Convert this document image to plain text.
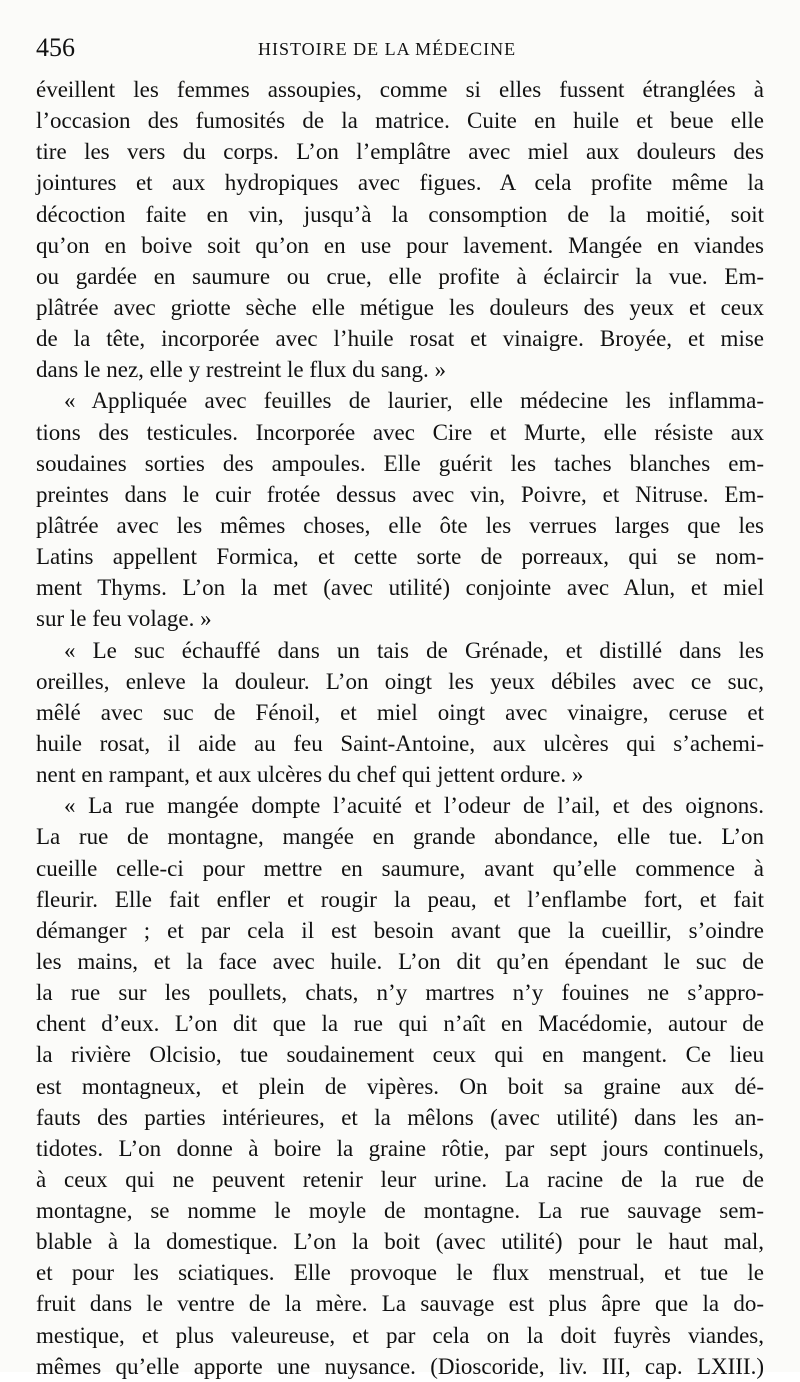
456	HISTOIRE DE LA MÉDECINE
éveillent les femmes assoupies, comme si elles fussent étranglées à
l’occasion des fumosités de la matrice. Cuite en huile et beue elle
tire les vers du corps. L’on l’emplâtre avec miel aux douleurs des
jointures et aux hydropiques avec figues. A cela profite même la
décoction faite en vin, jusqu’à la consomption de la moitié, soit
qu’on en boive soit qu’on en use pour lavement. Mangée en viandes
ou gardée en saumure ou crue, elle profite à éclaircir la vue. Em-
plâtrée avec griotte sèche elle métigue les douleurs des yeux et ceux
de la tête, incorporée avec l’huile rosat et vinaigre. Broyée, et mise
dans le nez, elle y restreint le flux du sang. »
« Appliquée avec feuilles de laurier, elle médecine les inflamma-
tions des testicules. Incorporée avec Cire et Murte, elle résiste aux
soudaines sorties des ampoules. Elle guérit les taches blanches em-
preintes dans le cuir frotée dessus avec vin, Poivre, et Nitruse. Em-
plâtrée avec les mêmes choses, elle ôte les verrues larges que les
Latins appellent Formica, et cette sorte de porreaux, qui se nom-
ment Thyms. L’on la met (avec utilité) conjointe avec Alun, et miel
sur le feu volage. »
« Le suc échauffé dans un tais de Grénade, et distillé dans les
oreilles, enleve la douleur. L’on oingt les yeux débiles avec ce suc,
mêlé avec suc de Fénoil, et miel oingt avec vinaigre, ceruse et
huile rosat, il aide au feu Saint-Antoine, aux ulcères qui s’achemi-
nent en rampant, et aux ulcères du chef qui jettent ordure. »
« La rue mangée dompte l’acuité et l’odeur de l’ail, et des oignons.
La rue de montagne, mangée en grande abondance, elle tue. L’on
cueille celle-ci pour mettre en saumure, avant qu’elle commence à
fleurir. Elle fait enfler et rougir la peau, et l’enflambe fort, et fait
démanger ; et par cela il est besoin avant que la cueillir, s’oindre
les mains, et la face avec huile. L’on dit qu’en épendant le suc de
la rue sur les poullets, chats, n’y martres n’y fouines ne s’appro-
chent d’eux. L’on dit que la rue qui n’aît en Macédomie, autour de
la rivière Olcisio, tue soudainement ceux qui en mangent. Ce lieu
est montagneux, et plein de vipères. On boit sa graine aux dé-
fauts des parties intérieures, et la mêlons (avec utilité) dans les an-
tidotes. L’on donne à boire la graine rôtie, par sept jours continuels,
à ceux qui ne peuvent retenir leur urine. La racine de la rue de
montagne, se nomme le moyle de montagne. La rue sauvage sem-
blable à la domestique. L’on la boit (avec utilité) pour le haut mal,
et pour les sciatiques. Elle provoque le flux menstrual, et tue le
fruit dans le ventre de la mère. La sauvage est plus âpre que la do-
mestique, et plus valeureuse, et par cela on la doit fuyrès viandes,
mêmes qu’elle apporte une nuysance. (Dioscoride, liv. III, cap. LXIII.)
